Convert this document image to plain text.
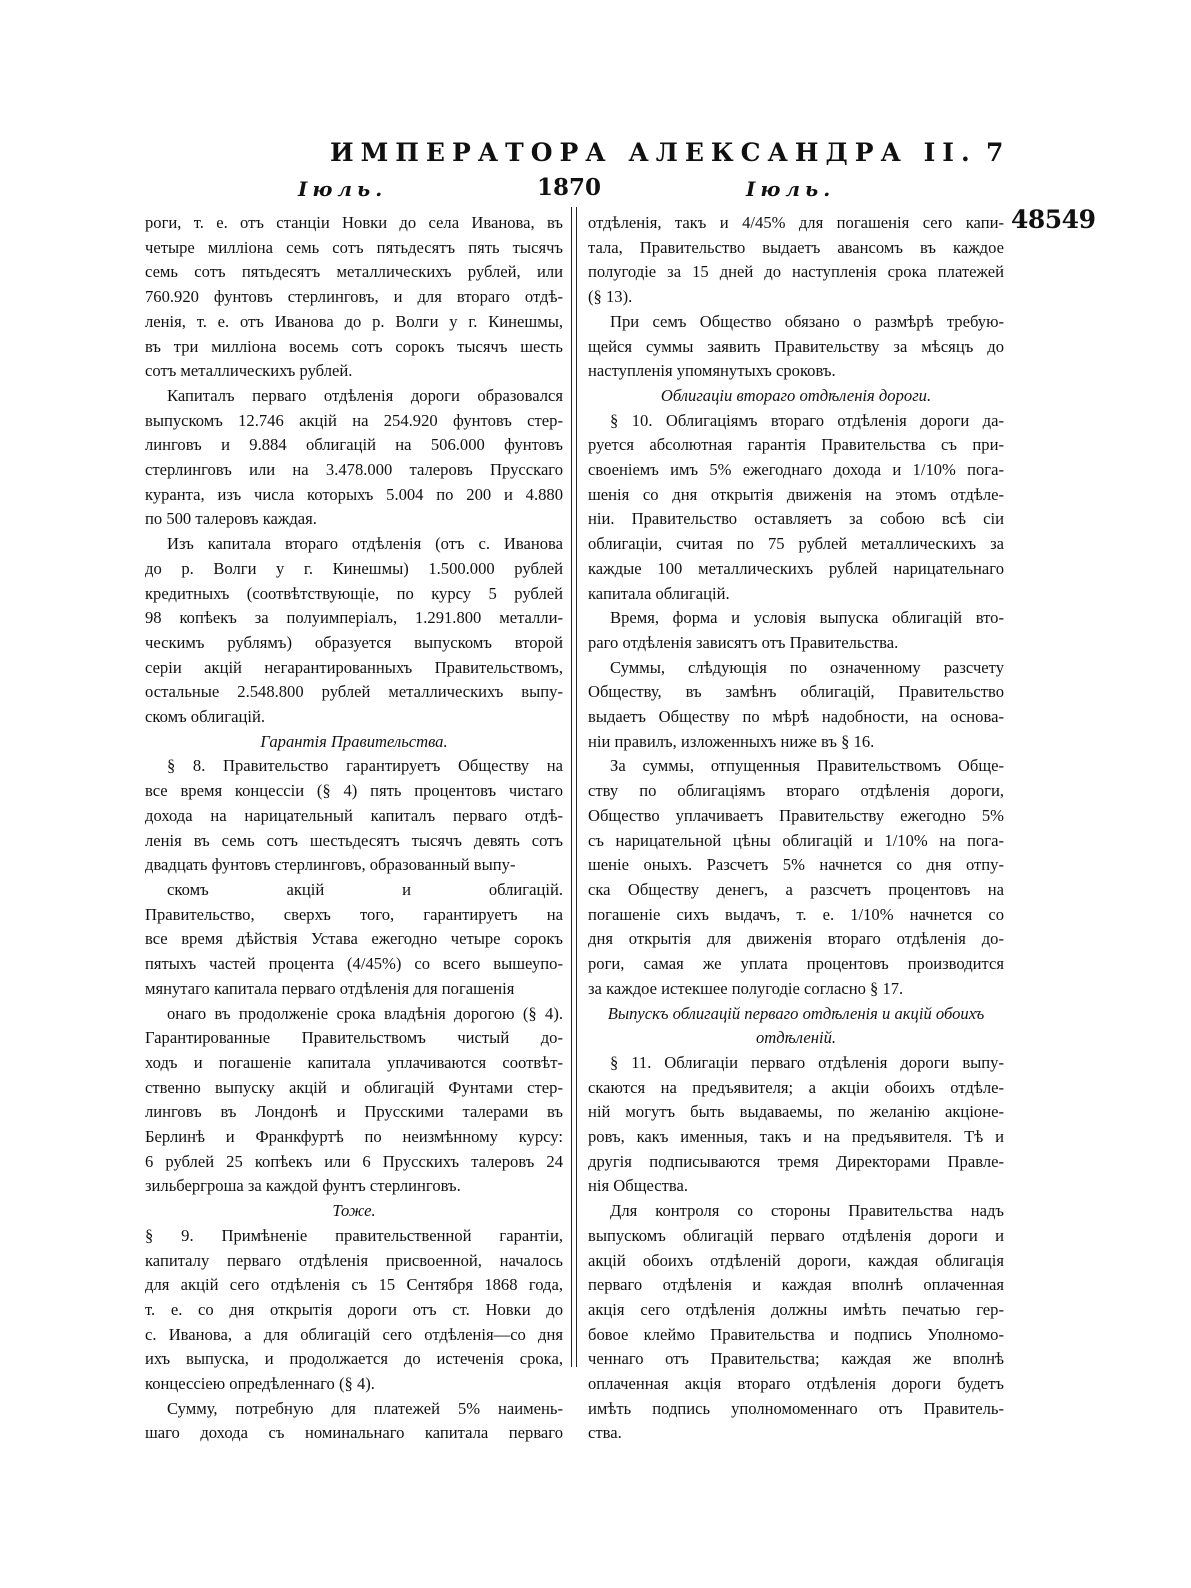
ИМПЕРАТОРА АЛЕКСАНДРА II. 7
Іюль.	1870	Іюль.
48549
роги, т. е. отъ станціи Новки до села Иванова, въ
четыре милліона семь сотъ пятьдесятъ пять тысячъ
семь сотъ пятьдесятъ металлическихъ рублей, или
760.920 фунтовъ стерлинговъ, и для втораго отдѣ-
ленія, т. е. отъ Иванова до р. Волги у г. Кинешмы,
въ три милліона восемь сотъ сорокъ тысячъ шесть
сотъ металлическихъ рублей.
Капиталъ перваго отдѣленія дороги образовался
выпускомъ 12.746 акцій на 254.920 фунтовъ стер-
линговъ и 9.884 облигацій на 506.000 фунтовъ
стерлинговъ или на 3.478.000 талеровъ Прусскаго
куранта, изъ числа которыхъ 5.004 по 200 и 4.880
по 500 талеровъ каждая.
Изъ капитала втораго отдѣленія (отъ с. Иванова
до р. Волги у г. Кинешмы) 1.500.000 рублей
кредитныхъ (соотвѣтствующіе, по курсу 5 рублей
98 копѣекъ за полуимперіалъ, 1.291.800 металли-
ческимъ рублямъ) образуется выпускомъ второй
серіи акцій негарантированныхъ Правительствомъ,
остальные 2.548.800 рублей металлическихъ выпу-
скомъ облигацій.
Гарантія Правительства.
§ 8. Правительство гарантируетъ Обществу на
все время концессіи (§ 4) пять процентовъ чистаго
дохода на нарицательный капиталъ перваго отдѣ-
ленія въ семь сотъ шестьдесятъ тысячъ девять сотъ
двадцать фунтовъ стерлинговъ, образованный выпу-
скомъ акцій и облигацій.
Правительство, сверхъ того, гарантируетъ на
все время дѣйствія Устава ежегодно четыре сорокъ
пятыхъ частей процента (4/45%) со всего вышеупо-
мянутаго капитала перваго отдѣленія для погашенія
онаго въ продолженіе срока владѣнія дорогою (§ 4).
Гарантированные Правительствомъ чистый до-
ходъ и погашеніе капитала уплачиваются соотвѣт-
ственно выпуску акцій и облигацій Фунтами стер-
линговъ въ Лондонѣ и Прусскими талерами въ
Берлинѣ и Франкфуртѣ по неизмѣнному курсу:
6 рублей 25 копѣекъ или 6 Прусскихъ талеровъ 24
зильбергроша за каждой фунтъ стерлинговъ.
Тоже.
§ 9. Примѣненіе правительственной гарантіи,
капиталу перваго отдѣленія присвоенной, началось
для акцій сего отдѣленія съ 15 Сентября 1868 года,
т. е. со дня открытія дороги отъ ст. Новки до
с. Иванова, а для облигацій сего отдѣленія—со дня
ихъ выпуска, и продолжается до истеченія срока,
концессіею опредѣленнаго (§ 4).
Сумму, потребную для платежей 5% наимень-
шаго дохода съ номинальнаго капитала перваго
отдѣленія, такъ и 4/45% для погашенія сего капи-
тала, Правительство выдаетъ авансомъ въ каждое
полугодіе за 15 дней до наступленія срока платежей
(§ 13).
При семъ Общество обязано о размѣрѣ требую-
щейся суммы заявить Правительству за мѣсяцъ до
наступленія упомянутыхъ сроковъ.
Облигаціи втораго отдѣленія дороги.
§ 10. Облигаціямъ втораго отдѣленія дороги да-
руется абсолютная гарантія Правительства съ при-
своеніемъ имъ 5% ежегоднаго дохода и 1/10% пога-
шенія со дня открытія движенія на этомъ отдѣле-
ніи. Правительство оставляетъ за собою всѣ сіи
облигаціи, считая по 75 рублей металлическихъ за
каждые 100 металлическихъ рублей нарицательнаго
капитала облигацій.
Время, форма и условія выпуска облигацій вто-
раго отдѣленія зависятъ отъ Правительства.
Суммы, слѣдующія по означенному разсчету
Обществу, въ замѣнъ облигацій, Правительство
выдаетъ Обществу по мѣрѣ надобности, на основа-
ніи правилъ, изложенныхъ ниже въ § 16.
За суммы, отпущенныя Правительствомъ Обще-
ству по облигаціямъ втораго отдѣленія дороги,
Общество уплачиваетъ Правительству ежегодно 5%
съ нарицательной цѣны облигацій и 1/10% на пога-
шеніе оныхъ. Разсчетъ 5% начнется со дня отпу-
ска Обществу денегъ, а разсчетъ процентовъ на
погашеніе сихъ выдачъ, т. е. 1/10% начнется со
дня открытія для движенія втораго отдѣленія до-
роги, самая же уплата процентовъ производится
за каждое истекшее полугодіе согласно § 17.
Выпускъ облигацій перваго отдѣленія и акцій обоихъ
отдѣленій.
§ 11. Облигаціи перваго отдѣленія дороги выпу-
скаются на предъявителя; а акціи обоихъ отдѣле-
ній могутъ быть выдаваемы, по желанію акціоне-
ровъ, какъ именныя, такъ и на предъявителя. Тѣ и
другія подписываются тремя Директорами Правле-
нія Общества.
Для контроля со стороны Правительства надъ
выпускомъ облигацій перваго отдѣленія дороги и
акцій обоихъ отдѣленій дороги, каждая облигація
перваго отдѣленія и каждая вполнѣ оплаченная
акція сего отдѣленія должны имѣть печатью гер-
бовое клеймо Правительства и подпись Уполномо-
ченнаго отъ Правительства; каждая же вполнѣ
оплаченная акція втораго отдѣленія дороги будетъ
имѣть подпись уполномоменнаго отъ Правитель-
ства.
